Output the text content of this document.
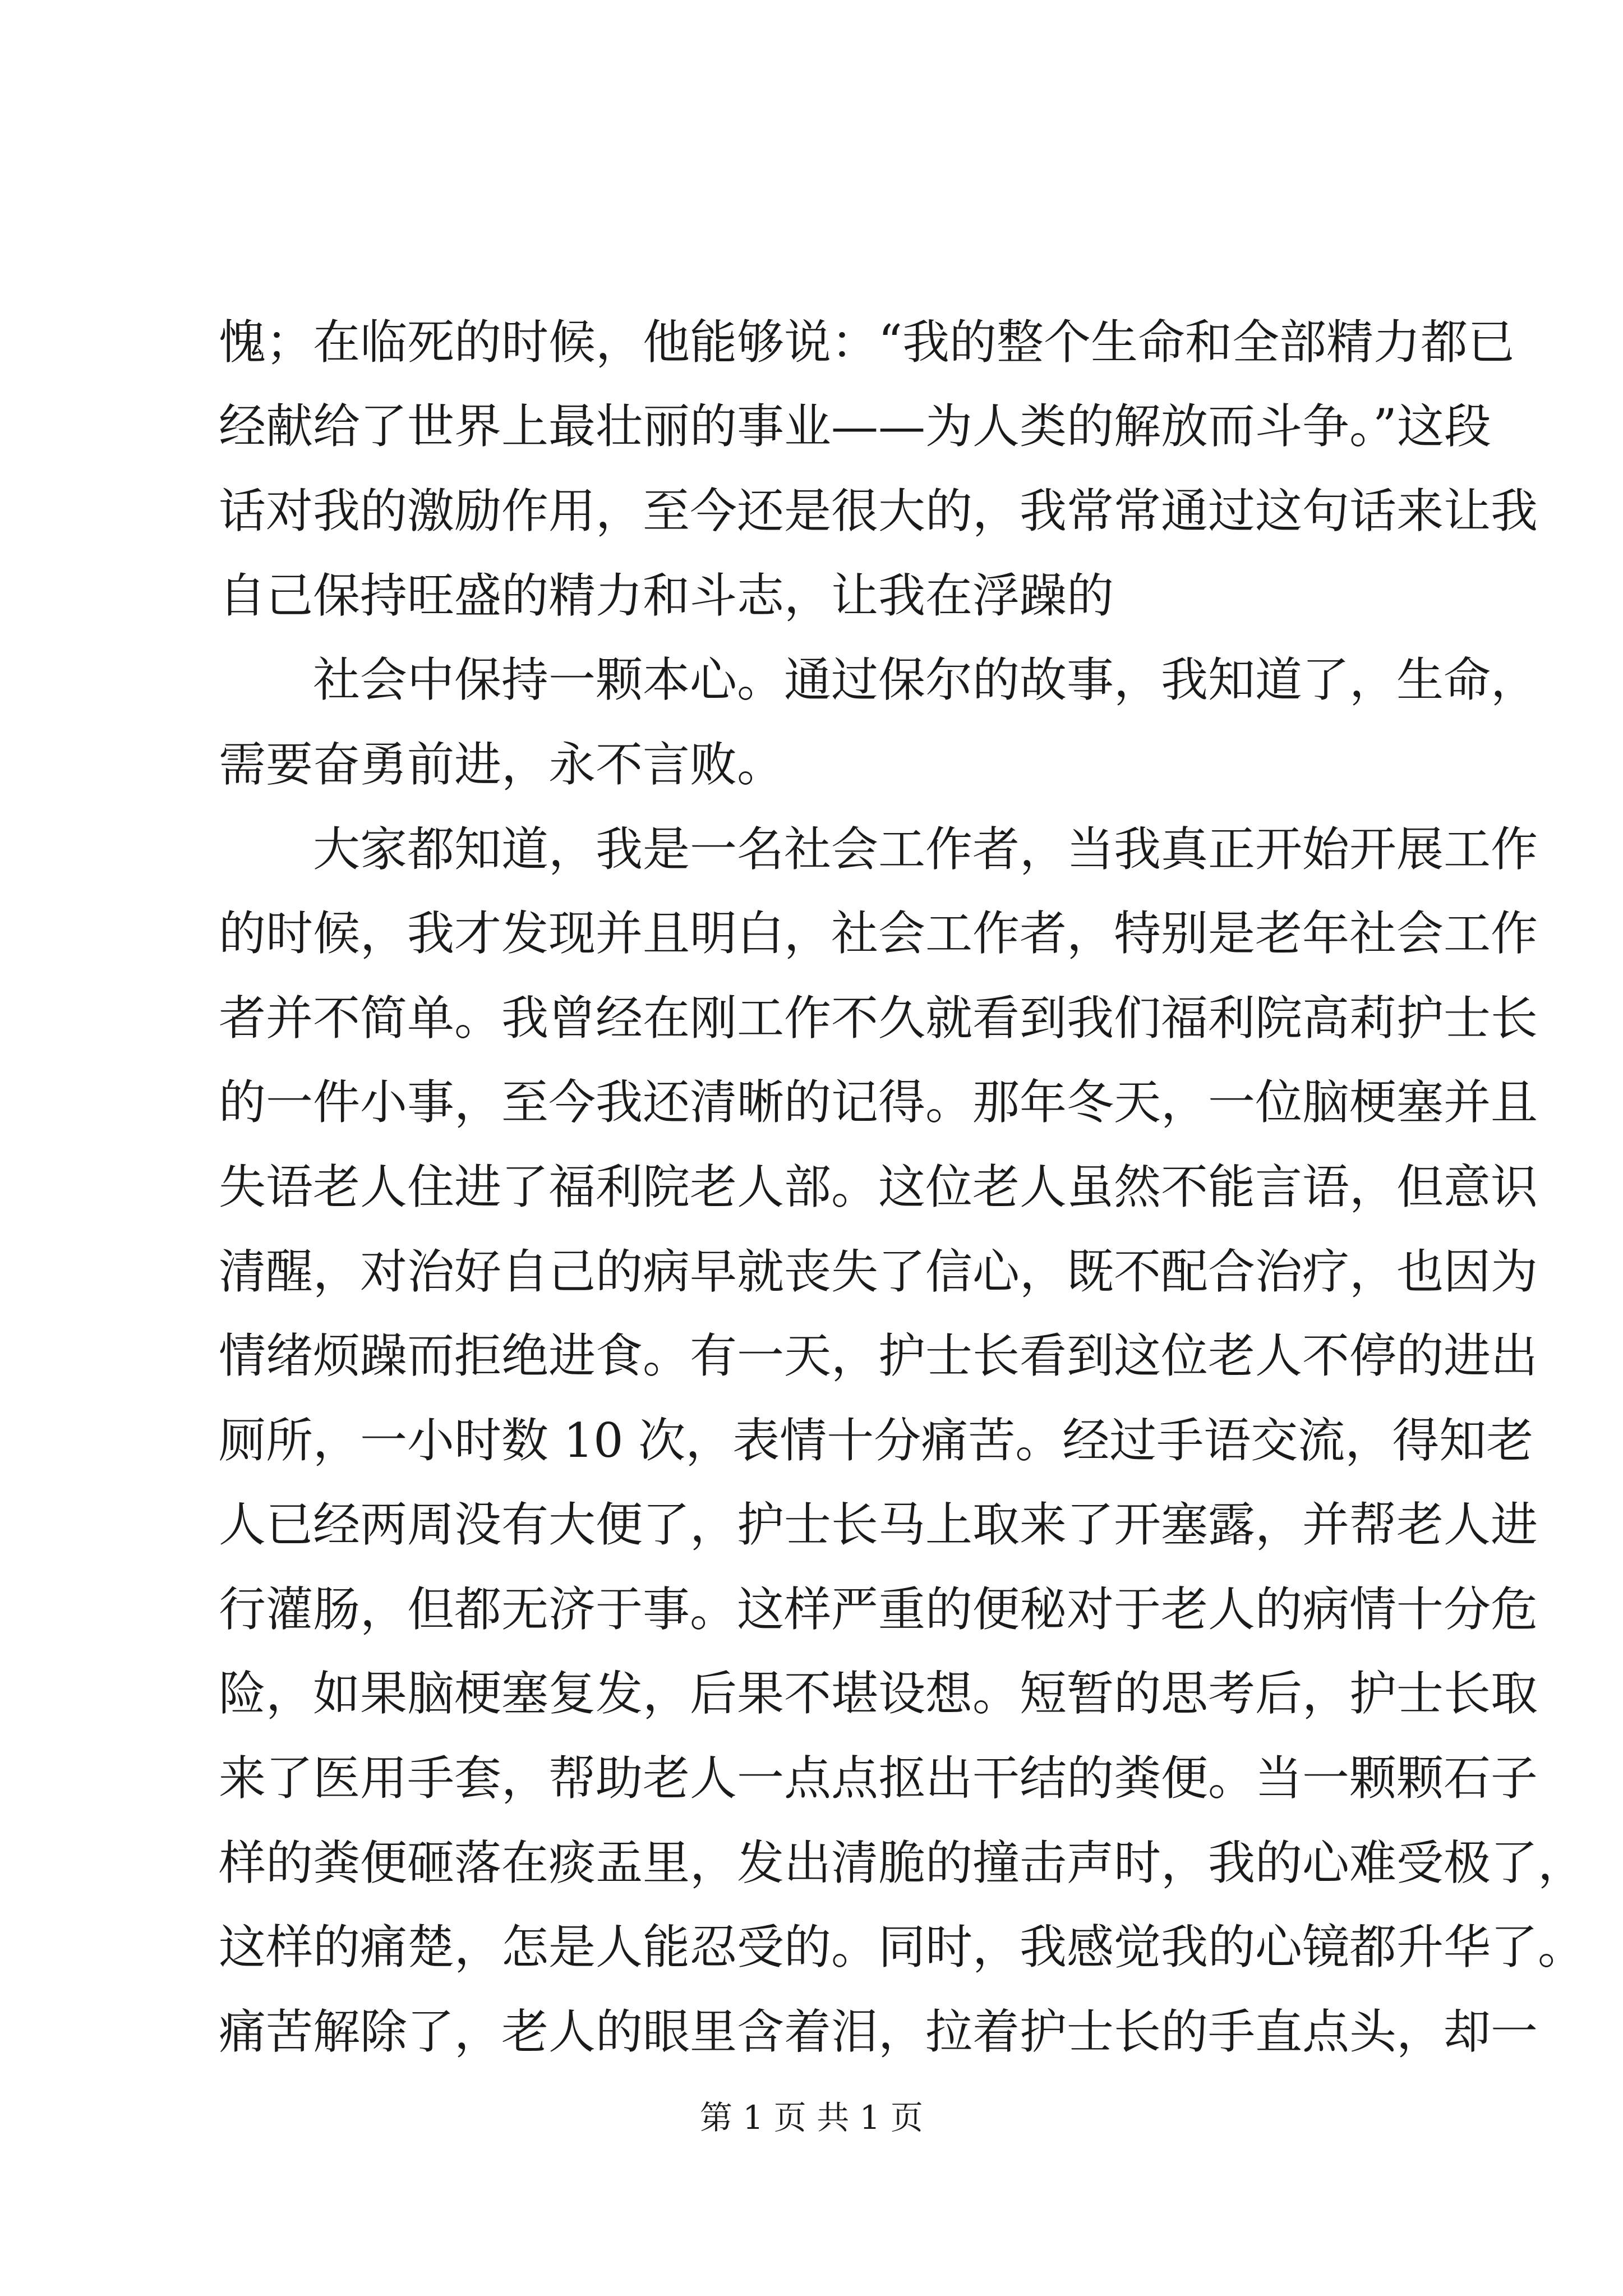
愧；在临死的时候，他能够说：“我的整个生命和全部精力都已
经献给了世界上最壮丽的事业——为人类的解放而斗争。”这段
话对我的激励作用，至今还是很大的，我常常通过这句话来让我
自己保持旺盛的精力和斗志，让我在浮躁的
社会中保持一颗本心。通过保尔的故事，我知道了，生命，
需要奋勇前进，永不言败。
大家都知道，我是一名社会工作者，当我真正开始开展工作
的时候，我才发现并且明白，社会工作者，特别是老年社会工作
者并不简单。我曾经在刚工作不久就看到我们福利院高莉护士长
的一件小事，至今我还清晰的记得。那年冬天，一位脑梗塞并且
失语老人住进了福利院老人部。这位老人虽然不能言语，但意识
清醒，对治好自己的病早就丧失了信心，既不配合治疗，也因为
情绪烦躁而拒绝进食。有一天，护士长看到这位老人不停的进出
厕所，一小时数 10 次，表情十分痛苦。经过手语交流，得知老
人已经两周没有大便了，护士长马上取来了开塞露，并帮老人进
行灌肠，但都无济于事。这样严重的便秘对于老人的病情十分危
险，如果脑梗塞复发，后果不堪设想。短暂的思考后，护士长取
来了医用手套，帮助老人一点点抠出干结的粪便。当一颗颗石子
样的粪便砸落在痰盂里，发出清脆的撞击声时，我的心难受极了，
这样的痛楚，怎是人能忍受的。同时，我感觉我的心镜都升华了。
痛苦解除了，老人的眼里含着泪，拉着护士长的手直点头，却一
第 1 页 共 1 页
